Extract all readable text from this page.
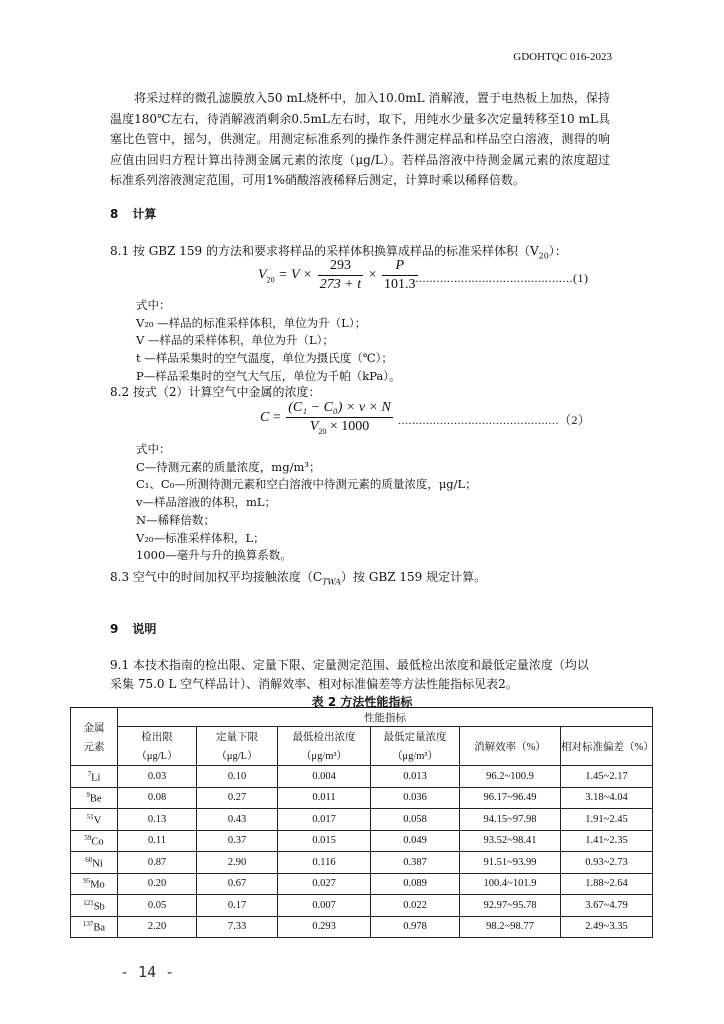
GDOHTQC 016-2023
将采过样的微孔滤膜放入50 mL烧杯中，加入10.0mL 消解液，置于电热板上加热，保持温度180℃左右，待消解液消剩余0.5mL左右时，取下，用纯水少量多次定量转移至10 mL具塞比色管中，摇匀，供测定。用测定标准系列的操作条件测定样品和样品空白溶液，测得的响应值由回归方程计算出待测金属元素的浓度（μg/L）。若样品溶液中待测金属元素的浓度超过标准系列溶液测定范围，可用1%硝酸溶液稀释后测定，计算时乘以稀释倍数。
8 计算
8.1 按 GBZ 159 的方法和要求将样品的采样体积换算成样品的标准采样体积$(V_{20})$：
$V_{20} = V \times \frac{293}{273 + t} \times \frac{P}{101.3}$
..............................................(1)
式中：
V₂₀ —样品的标准采样体积，单位为升（L）；
V —样品的采样体积，单位为升（L）；
t —样品采集时的空气温度，单位为摄氏度（℃）；
P—样品采集时的空气大气压，单位为千帕（kPa）。
8.2 按式（2）计算空气中金属的浓度：
$C = \frac{\text{(C₁ − C₀) × v × N}}{V_{20} \times 1000} ..............................................(2)$
式中：
C—待测元素的质量浓度，mg/m³；
C₁、C₀—所测待测元素和空白溶液中待测元素的质量浓度，μg/L；
v—样品溶液的体积，mL；
N—稀释倍数；
V₂₀—标准采样体积，L；
1000—毫升与升的换算系数。
8.3 空气中的时间加权平均接触浓度$(C_{TWA})$按 GBZ 159 规定计算。
9 说明
9.1 本技术指南的检出限、定量下限、定量测定范围、最低检出浓度和最低定量浓度（均以
采集 75.0 L 空气样品计）、消解效率、相对标准偏差等方法性能指标见表2。
表 2 方法性能指标
金属
元素	性能指标					
	检出限	定量下限	最低检出浓度	最低定量浓度	消解效率（%）	相对标准偏差（%）
	（μg/L）	（μg/L）	（μg/m³）	（μg/m³）		
$^7$Li	0.03	0.10	0.004	0.013	96.2~100.9	1.45~2.17
$^9$Be	0.08	0.27	0.011	0.036	96.17~96.49	3.18~4.04
$^{51}$V	0.13	0.43	0.017	0.058	94.15~97.98	1.91~2.45
$^{59}$Co	0.11	0.37	0.015	0.049	93.52~98.41	1.41~2.35
$^{60}$Ni	0.87	2.90	0.116	0.387	91.51~93.99	0.93~2.73
$^{95}$Mo	0.20	0.67	0.027	0.089	100.4~101.9	1.88~2.64
$^{121}$Sb	0.05	0.17	0.007	0.022	92.97~95.78	3.67~4.79
$^{137}$Ba	2.20	7.33	0.293	0.978	98.2~98.77	2.49~3.35
- 14 -
